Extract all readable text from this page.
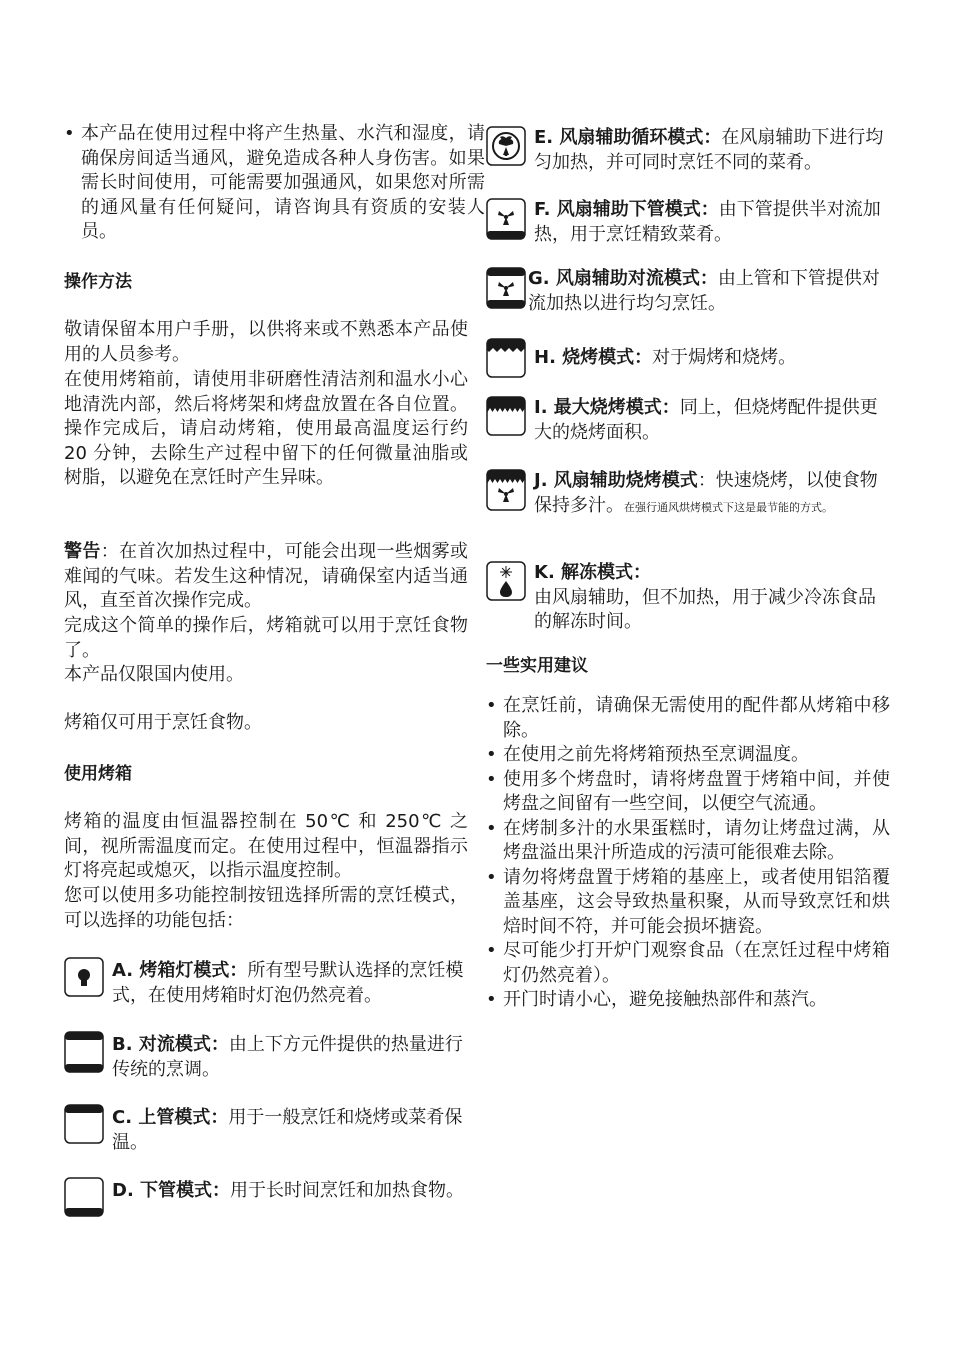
• 本产品在使用过程中将产生热量、水汽和湿度，请确保房间适当通风，避免造成各种人身伤害。如果需长时间使用，可能需要加强通风，如果您对所需的通风量有任何疑问，请咨询具有资质的安装人员。
操作方法
敬请保留本用户手册，以供将来或不熟悉本产品使用的人员参考。
在使用烤箱前，请使用非研磨性清洁剂和温水小心地清洗内部，然后将烤架和烤盘放置在各自位置。操作完成后，请启动烤箱，使用最高温度运行约 20 分钟，去除生产过程中留下的任何微量油脂或树脂，以避免在烹饪时产生异味。
警告：在首次加热过程中，可能会出现一些烟雾或难闻的气味。若发生这种情况，请确保室内适当通风，直至首次操作完成。
完成这个简单的操作后，烤箱就可以用于烹饪食物了。
本产品仅限国内使用。
烤箱仅可用于烹饪食物。
使用烤箱
烤箱的温度由恒温器控制在 50℃ 和 250℃ 之间，视所需温度而定。在使用过程中，恒温器指示灯将亮起或熄灭，以指示温度控制。
您可以使用多功能控制按钮选择所需的烹饪模式，可以选择的功能包括：
A. 烤箱灯模式：所有型号默认选择的烹饪模式，在使用烤箱时灯泡仍然亮着。
B. 对流模式：由上下方元件提供的热量进行传统的烹调。
C. 上管模式：用于一般烹饪和烧烤或菜肴保温。
D. 下管模式：用于长时间烹饪和加热食物。
E. 风扇辅助循环模式：在风扇辅助下进行均匀加热，并可同时烹饪不同的菜肴。
F. 风扇辅助下管模式：由下管提供半对流加热，用于烹饪精致菜肴。
G. 风扇辅助对流模式：由上管和下管提供对流加热以进行均匀烹饪。
H. 烧烤模式：对于焗烤和烧烤。
I. 最大烧烤模式：同上，但烧烤配件提供更大的烧烤面积。
J. 风扇辅助烧烤模式：快速烧烤，以使食物保持多汁。在强行通风烘烤模式下这是最节能的方式。
K. 解冻模式：
由风扇辅助，但不加热，用于减少冷冻食品的解冻时间。
一些实用建议
• 在烹饪前，请确保无需使用的配件都从烤箱中移除。
• 在使用之前先将烤箱预热至烹调温度。
• 使用多个烤盘时，请将烤盘置于烤箱中间，并使烤盘之间留有一些空间，以便空气流通。
• 在烤制多汁的水果蛋糕时，请勿让烤盘过满，从烤盘溢出果汁所造成的污渍可能很难去除。
• 请勿将烤盘置于烤箱的基座上，或者使用铝箔覆盖基座，这会导致热量积聚，从而导致烹饪和烘焙时间不符，并可能会损坏搪瓷。
• 尽可能少打开炉门观察食品（在烹饪过程中烤箱灯仍然亮着）。
• 开门时请小心，避免接触热部件和蒸汽。
